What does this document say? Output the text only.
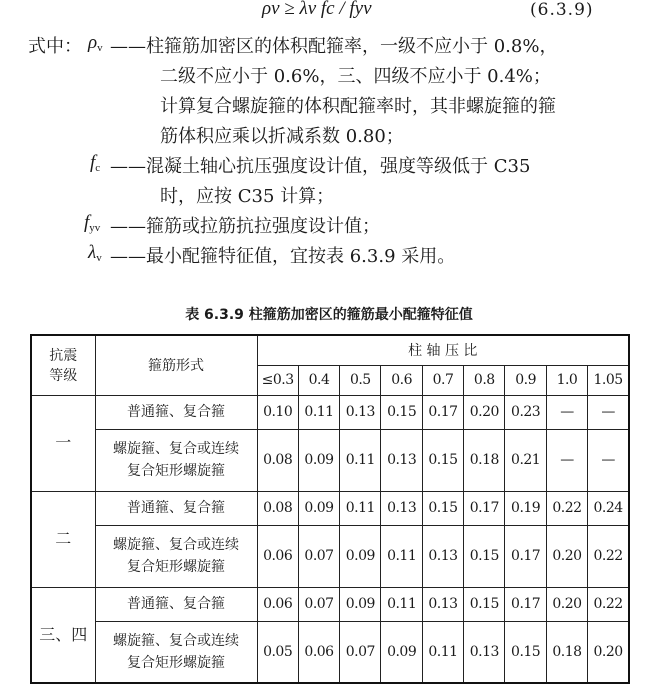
ρv ≥ λv fc / fyv	(6.3.9)
式中： $\rho_v$ ——柱箍筋加密区的体积配箍率，一级不应小于 0.8%，
二级不应小于 0.6%，三、四级不应小于 0.4%；
计算复合螺旋箍的体积配箍率时，其非螺旋箍的箍
筋体积应乘以折减系数 0.80；
$f_c$ ——混凝土轴心抗压强度设计值，强度等级低于 C35
时，应按 C35 计算；
$f_{yv}$ ——箍筋或拉筋抗拉强度设计值；
$\lambda_v$ ——最小配箍特征值，宜按表 6.3.9 采用。
表 6.3.9 柱箍筋加密区的箍筋最小配箍特征值
抗震
等级	箍筋形式	柱 轴 压 比								
		≤0.3	0.4	0.5	0.6	0.7	0.8	0.9	1.0	1.05
一	普通箍、复合箍	0.10	0.11	0.13	0.15	0.17	0.20	0.23	—	—

	螺旋箍、复合或连续
复合矩形螺旋箍	0.08	0.09	0.11	0.13	0.15	0.18	0.21	—	—
二	普通箍、复合箍	0.08	0.09	0.11	0.13	0.15	0.17	0.19	0.22	0.24

	螺旋箍、复合或连续
复合矩形螺旋箍	0.06	0.07	0.09	0.11	0.13	0.15	0.17	0.20	0.22
三、四	普通箍、复合箍	0.06	0.07	0.09	0.11	0.13	0.15	0.17	0.20	0.22

	螺旋箍、复合或连续
复合矩形螺旋箍	0.05	0.06	0.07	0.09	0.11	0.13	0.15	0.18	0.20
